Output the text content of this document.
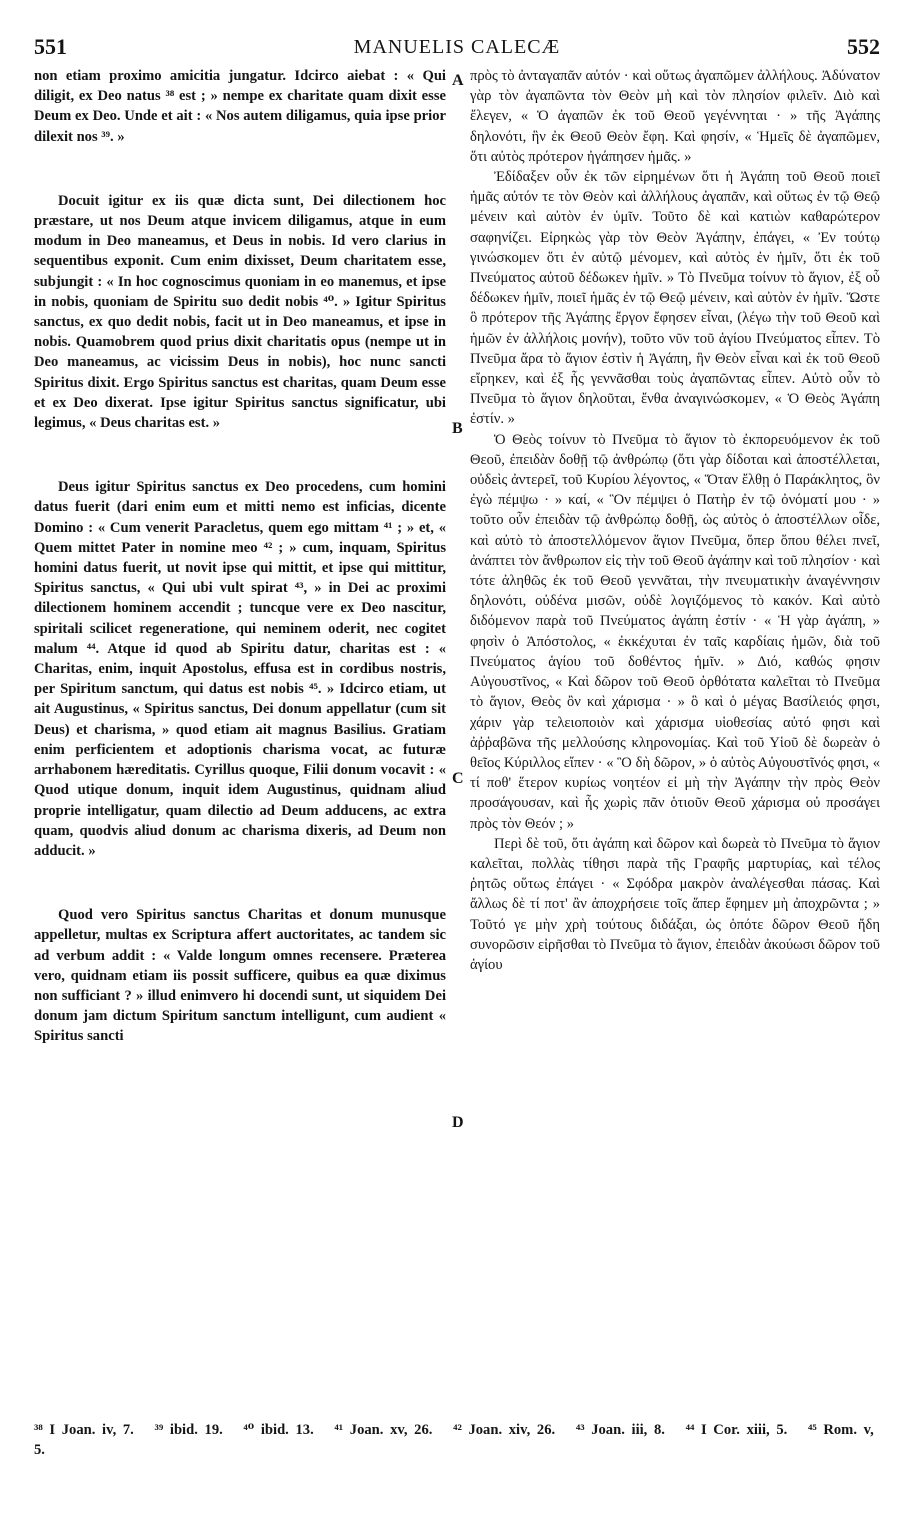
551	MANUELIS CALECÆ	552

non etiam proximo amicitia jungatur. Idcirco aiebat : « Qui diligit, ex Deo natus ³⁸ est ; » nempe ex charitate quam dixit esse Deum ex Deo. Unde et ait : « Nos autem diligamus, quia ipse prior dilexit nos ³⁹. »

Docuit igitur ex iis quæ dicta sunt, Dei dilectionem hoc præstare, ut nos Deum atque invicem diligamus, atque in eum modum in Deo maneamus, et Deus in nobis. Id vero clarius in sequentibus exponit. Cum enim dixisset, Deum charitatem esse, subjungit : « In hoc cognoscimus quoniam in eo manemus, et ipse in nobis, quoniam de Spiritu suo dedit nobis ⁴⁰. » Igitur Spiritus sanctus, ex quo dedit nobis, facit ut in Deo maneamus, et ipse in nobis. Quamobrem quod prius dixit charitatis opus (nempe ut in Deo maneamus, ac vicissim Deus in nobis), hoc nunc sancti Spiritus dixit. Ergo Spiritus sanctus est charitas, quam Deum esse et ex Deo dixerat. Ipse igitur Spiritus sanctus significatur, ubi legimus, « Deus charitas est. »

Deus igitur Spiritus sanctus ex Deo procedens, cum homini datus fuerit (dari enim eum et mitti nemo est inficias, dicente Domino : « Cum venerit Paracletus, quem ego mittam ⁴¹ ; » et, « Quem mittet Pater in nomine meo ⁴² ; » cum, inquam, Spiritus homini datus fuerit, ut novit ipse qui mittit, et ipse qui mittitur, Spiritus sanctus, « Qui ubi vult spirat ⁴³, » in Dei ac proximi dilectionem hominem accendit ; tuncque vere ex Deo nascitur, spiritali scilicet regeneratione, qui neminem oderit, nec cogitet malum ⁴⁴. Atque id quod ab Spiritu datur, charitas est : « Charitas, enim, inquit Apostolus, effusa est in cordibus nostris, per Spiritum sanctum, qui datus est nobis ⁴⁵. » Idcirco etiam, ut ait Augustinus, « Spiritus sanctus, Dei donum appellatur (cum sit Deus) et charisma, » quod etiam ait magnus Basilius. Gratiam enim perficientem et adoptionis charisma vocat, ac futuræ arrhabonem hæreditatis. Cyrillus quoque, Filii donum vocavit : « Quod utique donum, inquit idem Augustinus, quidnam aliud proprie intelligatur, quam dilectio ad Deum adducens, ac extra quam, quodvis aliud donum ac charisma dixeris, ad Deum non adducit. »

Quod vero Spiritus sanctus Charitas et donum munusque appelletur, multas ex Scriptura affert auctoritates, ac tandem sic ad verbum addit : « Valde longum omnes recensere. Præterea vero, quidnam etiam iis possit sufficere, quibus ea quæ diximus non sufficiant ? » illud enimvero hi docendi sunt, ut siquidem Dei donum jam dictum Spiritum sanctum intelligunt, cum audient « Spiritus sancti

A
B
C
D

πρὸς τὸ ἀνταγαπᾶν αὐτόν · καὶ οὕτως ἀγαπῶμεν ἀλλήλους. Ἀδύνατον γὰρ τὸν ἀγαπῶντα τὸν Θεὸν μὴ καὶ τὸν πλησίον φιλεῖν. Διὸ καὶ ἔλεγεν, « Ὁ ἀγαπῶν ἐκ τοῦ Θεοῦ γεγέννηται · » τῆς Ἀγάπης δηλονότι, ἣν ἐκ Θεοῦ Θεὸν ἔφη. Καὶ φησίν, « Ἡμεῖς δὲ ἀγαπῶμεν, ὅτι αὐτὸς πρότερον ἠγάπησεν ἡμᾶς. »

Ἐδίδαξεν οὖν ἐκ τῶν εἰρημένων ὅτι ἡ Ἀγάπη τοῦ Θεοῦ ποιεῖ ἡμᾶς αὐτόν τε τὸν Θεὸν καὶ ἀλλήλους ἀγαπᾶν, καὶ οὕτως ἐν τῷ Θεῷ μένειν καὶ αὐτὸν ἐν ὑμῖν. Τοῦτο δὲ καὶ κατιὼν καθαρώτερον σαφηνίζει. Εἰρηκὼς γὰρ τὸν Θεὸν Ἀγάπην, ἐπάγει, « Ἐν τούτῳ γινώσκομεν ὅτι ἐν αὐτῷ μένομεν, καὶ αὐτὸς ἐν ἡμῖν, ὅτι ἐκ τοῦ Πνεύματος αὐτοῦ δέδωκεν ἡμῖν. » Τὸ Πνεῦμα τοίνυν τὸ ἅγιον, ἐξ οὗ δέδωκεν ἡμῖν, ποιεῖ ἡμᾶς ἐν τῷ Θεῷ μένειν, καὶ αὐτὸν ἐν ἡμῖν. Ὥστε ὃ πρότερον τῆς Ἀγάπης ἔργον ἔφησεν εἶναι, (λέγω τὴν τοῦ Θεοῦ καὶ ἡμῶν ἐν ἀλλήλοις μονήν), τοῦτο νῦν τοῦ ἁγίου Πνεύματος εἶπεν. Τὸ Πνεῦμα ἄρα τὸ ἅγιον ἐστὶν ἡ Ἀγάπη, ἣν Θεὸν εἶναι καὶ ἐκ τοῦ Θεοῦ εἴρηκεν, καὶ ἐξ ἧς γεννᾶσθαι τοὺς ἀγαπῶντας εἶπεν. Αὐτὸ οὖν τὸ Πνεῦμα τὸ ἅγιον δηλοῦται, ἔνθα ἀναγινώσκομεν, « Ὁ Θεὸς Ἀγάπη ἐστίν. »

Ὁ Θεὸς τοίνυν τὸ Πνεῦμα τὸ ἅγιον τὸ ἐκπορευόμενον ἐκ τοῦ Θεοῦ, ἐπειδὰν δοθῇ τῷ ἀνθρώπῳ (ὅτι γὰρ δίδοται καὶ ἀποστέλλεται, οὐδεὶς ἀντερεῖ, τοῦ Κυρίου λέγοντος, « Ὅταν ἔλθῃ ὁ Παράκλητος, ὃν ἐγὼ πέμψω · » καί, « Ὃν πέμψει ὁ Πατὴρ ἐν τῷ ὀνόματί μου · » τοῦτο οὖν ἐπειδὰν τῷ ἀνθρώπῳ δοθῇ, ὡς αὐτὸς ὁ ἀποστέλλων οἶδε, καὶ αὐτὸ τὸ ἀποστελλόμενον ἅγιον Πνεῦμα, ὅπερ ὅπου θέλει πνεῖ, ἀνάπτει τὸν ἄνθρωπον εἰς τὴν τοῦ Θεοῦ ἀγάπην καὶ τοῦ πλησίον · καὶ τότε ἀληθῶς ἐκ τοῦ Θεοῦ γεννᾶται, τὴν πνευματικὴν ἀναγέννησιν δηλονότι, οὐδένα μισῶν, οὐδὲ λογιζόμενος τὸ κακόν. Καὶ αὐτὸ διδόμενον παρὰ τοῦ Πνεύματος ἀγάπη ἐστίν · « Ἡ γὰρ ἀγάπη, » φησὶν ὁ Ἀπόστολος, « ἐκκέχυται ἐν ταῖς καρδίαις ἡμῶν, διὰ τοῦ Πνεύματος ἁγίου τοῦ δοθέντος ἡμῖν. » Διό, καθώς φησιν Αὐγουστῖνος, « Καὶ δῶρον τοῦ Θεοῦ ὀρθότατα καλεῖται τὸ Πνεῦμα τὸ ἅγιον, Θεὸς ὂν καὶ χάρισμα · » ὃ καὶ ὁ μέγας Βασίλειός φησι, χάριν γὰρ τελειοποιὸν καὶ χάρισμα υἱοθεσίας αὐτό φησι καὶ ἀῤῥαβῶνα τῆς μελλούσης κληρονομίας. Καὶ τοῦ Υἱοῦ δὲ δωρεὰν ὁ θεῖος Κύριλλος εἴπεν · « Ὃ δὴ δῶρον, » ὁ αὐτὸς Αὐγουστῖνός φησι, « τί ποθ' ἕτερον κυρίως νοητέον εἰ μὴ τὴν Ἀγάπην τὴν πρὸς Θεὸν προσάγουσαν, καὶ ἧς χωρὶς πᾶν ὁτιοῦν Θεοῦ χάρισμα οὐ προσάγει πρὸς τὸν Θεόν ; »

Περὶ δὲ τοῦ, ὅτι ἀγάπη καὶ δῶρον καὶ δωρεὰ τὸ Πνεῦμα τὸ ἅγιον καλεῖται, πολλὰς τίθησι παρὰ τῆς Γραφῆς μαρτυρίας, καὶ τέλος ῥητῶς οὕτως ἐπάγει · « Σφόδρα μακρὸν ἀναλέγεσθαι πάσας. Καὶ ἄλλως δὲ τί ποτ' ἂν ἀποχρήσειε τοῖς ἅπερ ἔφημεν μὴ ἀποχρῶντα ; » Τοῦτό γε μὴν χρὴ τούτους διδάξαι, ὡς ὁπότε δῶρον Θεοῦ ἤδη συνορῶσιν εἰρῆσθαι τὸ Πνεῦμα τὸ ἅγιον, ἐπειδὰν ἀκούωσι δῶρον τοῦ ἁγίου

³⁸ I Joan. iv, 7. ³⁹ ibid. 19. ⁴⁰ ibid. 13. ⁴¹ Joan. xv, 26. ⁴² Joan. xiv, 26. ⁴³ Joan. iii, 8. ⁴⁴ I Cor. xiii, 5. ⁴⁵ Rom. v, 5.
